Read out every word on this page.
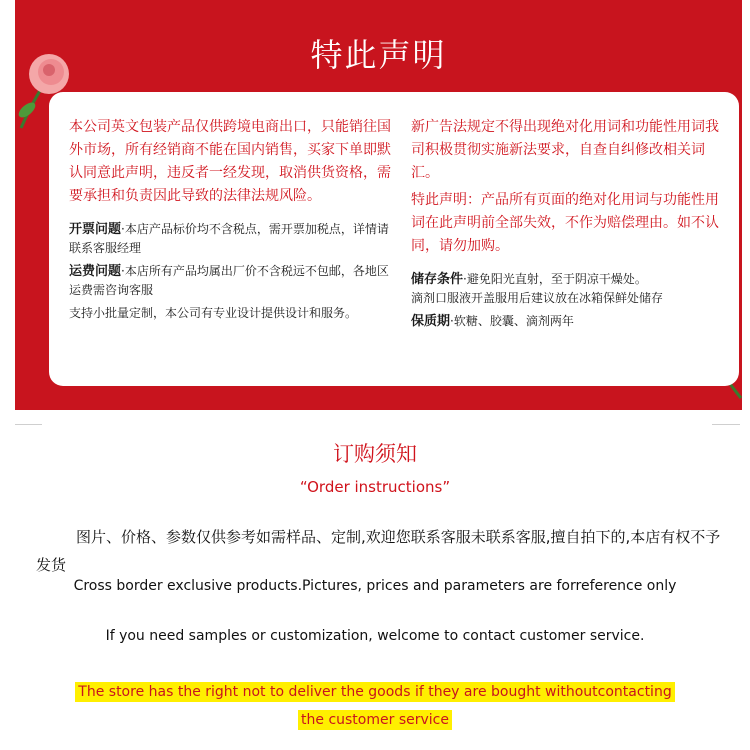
特此声明

本公司英文包装产品仅供跨境电商出口，只能销往国外市场，所有经销商不能在国内销售，买家下单即默认同意此声明，违反者一经发现，取消供货资格，需要承担和负责因此导致的法律法规风险。

开票问题·本店产品标价均不含税点，需开票加税点，详情请联系客服经理

运费问题·本店所有产品均属出厂价不含税远不包邮，各地区运费需咨询客服

支持小批量定制，本公司有专业设计提供设计和服务。

新广告法规定不得出现绝对化用词和功能性用词我司积极贯彻实施新法要求，自查自纠修改相关词汇。

特此声明：产品所有页面的绝对化用词与功能性用词在此声明前全部失效，不作为赔偿理由。如不认同，请勿加购。

储存条件·避免阳光直射，至于阴凉干燥处。

滴剂口服液开盖服用后建议放在冰箱保鲜处储存

保质期·软糖、胶囊、滴剂两年

订购须知
“Order instructions”
图片、价格、参数仅供参考如需样品、定制,欢迎您联系客服未联系客服,擅自拍下的,本店有权不予发货
Cross border exclusive products.Pictures, prices and parameters are forreference only
If you need samples or customization, welcome to contact customer service.
The store has the right not to deliver the goods if they are bought withoutcontacting the customer service
